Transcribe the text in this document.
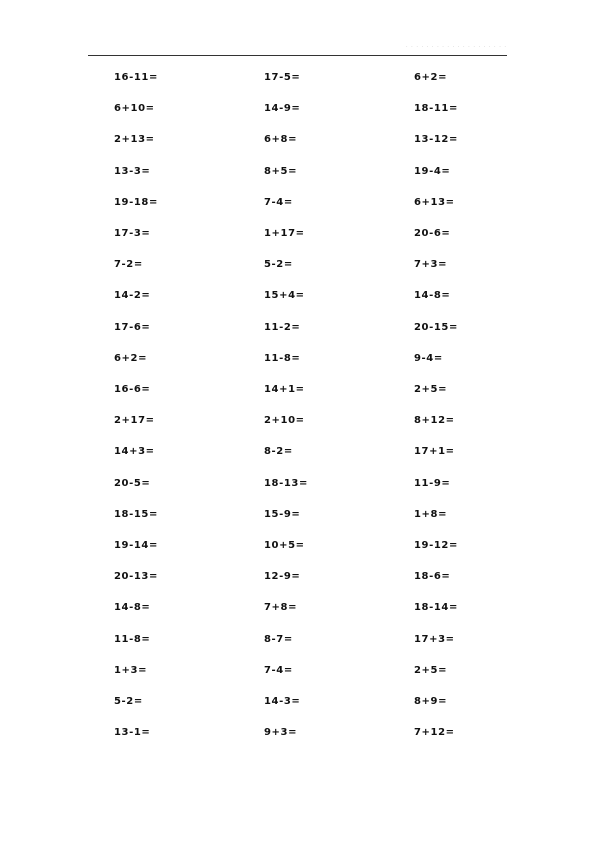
· · · · · · · · · · · · · · · · · · · ·
16-11=
6+10=
2+13=
13-3=
19-18=
17-3=
7-2=
14-2=
17-6=
6+2=
16-6=
2+17=
14+3=
20-5=
18-15=
19-14=
20-13=
14-8=
11-8=
1+3=
5-2=
13-1=
17-5=
14-9=
6+8=
8+5=
7-4=
1+17=
5-2=
15+4=
11-2=
11-8=
14+1=
2+10=
8-2=
18-13=
15-9=
10+5=
12-9=
7+8=
8-7=
7-4=
14-3=
9+3=
6+2=
18-11=
13-12=
19-4=
6+13=
20-6=
7+3=
14-8=
20-15=
9-4=
2+5=
8+12=
17+1=
11-9=
1+8=
19-12=
18-6=
18-14=
17+3=
2+5=
8+9=
7+12=
